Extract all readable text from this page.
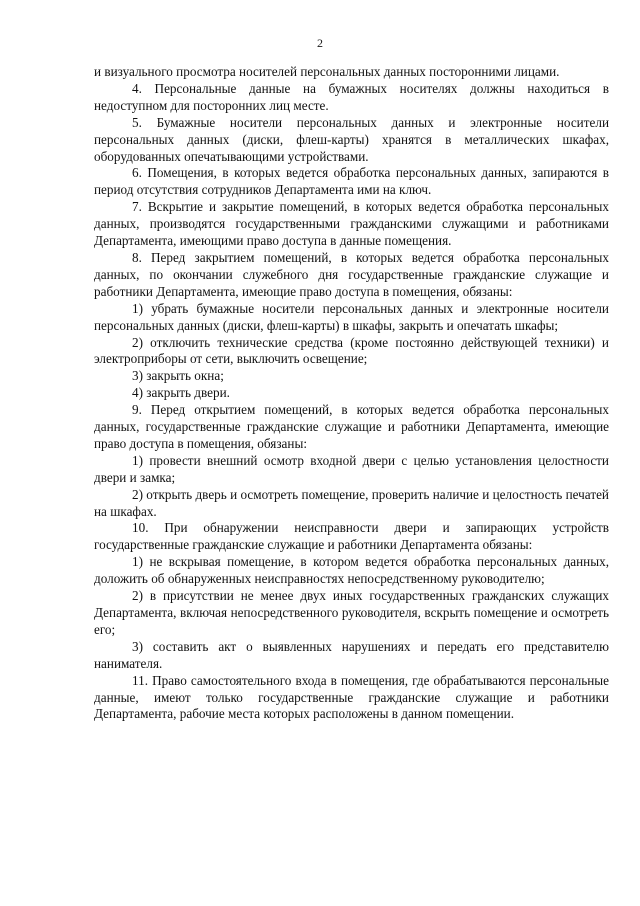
2

и визуального просмотра носителей персональных данных посторонними лицами.

4. Персональные данные на бумажных носителях должны находиться в недоступном для посторонних лиц месте.

5. Бумажные носители персональных данных и электронные носители персональных данных (диски, флеш-карты) хранятся в металлических шкафах, оборудованных опечатывающими устройствами.

6. Помещения, в которых ведется обработка персональных данных, запираются в период отсутствия сотрудников Департамента ими на ключ.

7. Вскрытие и закрытие помещений, в которых ведется обработка персональных данных, производятся государственными гражданскими служащими и работниками Департамента, имеющими право доступа в данные помещения.

8. Перед закрытием помещений, в которых ведется обработка персональных данных, по окончании служебного дня государственные гражданские служащие и работники Департамента, имеющие право доступа в помещения, обязаны:

1) убрать бумажные носители персональных данных и электронные носители персональных данных (диски, флеш-карты) в шкафы, закрыть и опечатать шкафы;

2) отключить технические средства (кроме постоянно действующей техники) и электроприборы от сети, выключить освещение;

3) закрыть окна;

4) закрыть двери.

9. Перед открытием помещений, в которых ведется обработка персональных данных, государственные гражданские служащие и работники Департамента, имеющие право доступа в помещения, обязаны:

1) провести внешний осмотр входной двери с целью установления целостности двери и замка;

2) открыть дверь и осмотреть помещение, проверить наличие и целостность печатей на шкафах.

10. При обнаружении неисправности двери и запирающих устройств государственные гражданские служащие и работники Департамента обязаны:

1) не вскрывая помещение, в котором ведется обработка персональных данных, доложить об обнаруженных неисправностях непосредственному руководителю;

2) в присутствии не менее двух иных государственных гражданских служащих Департамента, включая непосредственного руководителя, вскрыть помещение и осмотреть его;

3) составить акт о выявленных нарушениях и передать его представителю нанимателя.

11. Право самостоятельного входа в помещения, где обрабатываются персональные данные, имеют только государственные гражданские служащие и работники Департамента, рабочие места которых расположены в данном помещении.
